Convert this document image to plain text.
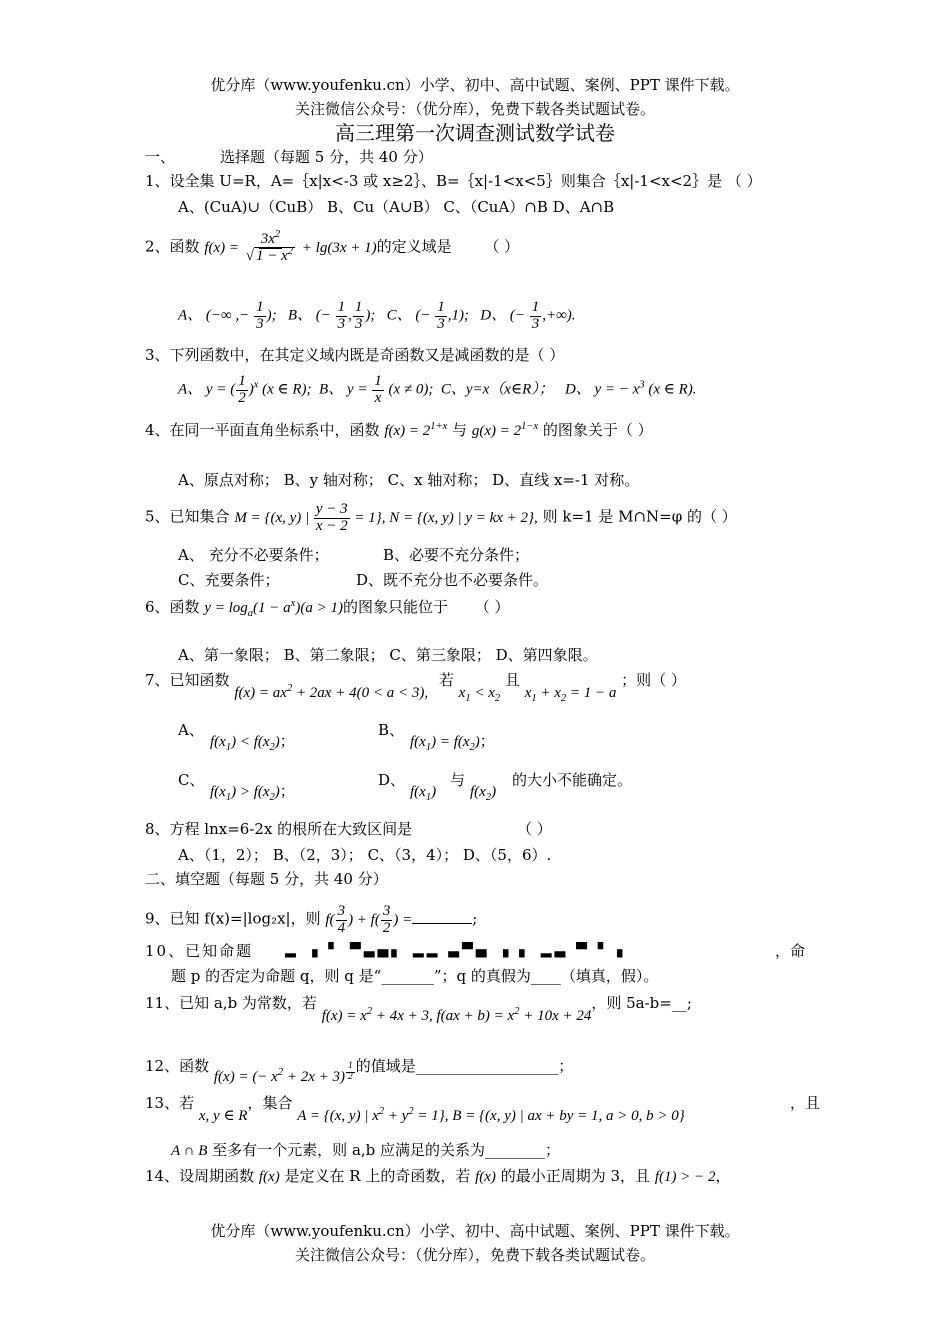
优分库（www.youfenku.cn）小学、初中、高中试题、案例、PPT 课件下载。
关注微信公众号：（优分库），免费下载各类试题试卷。
高三理第一次调查测试数学试卷
一、	选择题（每题 5 分，共 40 分）
1、设全集 U=R，A=｛x|x<-3 或 x≥2｝、B=｛x|-1<x<5｝则集合｛x|-1<x<2｝是 （ ）
A、(CuA)∪（CuB） B、Cu（A∪B） C、（CuA）∩B D、A∩B
2、函数 $f(x) = \frac{3x^2}{√ 1 - x^2} + \lg(3x + 1)$的定义域是 （ ）
A、 (−∞ ,− $\frac{1}{3}$ );   B、 (− $\frac{1}{3}$ , $\frac{1}{3}$ );   C、 (− $\frac{1}{3} ,1$);   D、 (− $\frac{1}{3}$ ,+∞).
3、下列函数中，在其定义域内既是奇函数又是减函数的是（ ）
A、 y = ( $\frac{1}{2} )^x$ (x ∈ R);  B、 $y = \frac{1}{x} (x \ne 0)$;  C、y=x（x∈R）；   D、 y = − $x^3$ (x ∈ R).
4、在同一平面直角坐标系中，函数 $f(x) = 2^{1+x}$ 与 $g(x) = 2^{1-x}$ 的图象关于（ ）
A、原点对称； B、y 轴对称； C、x 轴对称； D、直线 x=-1 对称。
5、已知集合 M = {(x, y) | $\frac{y - 3}{x - 2} = 1$}, N = {(x, y) | y = kx + 2}, 则 k=1 是 M∩N=φ 的（ ）
A、 充分不必要条件；	B、必要不充分条件；
C、充要条件；	D、既不充分也不必要条件。
6、函数 $y = \log_a(1 - a^x)(a > 1)$的图象只能位于 （ ）
A、第一象限； B、第二象限； C、第三象限； D、第四象限。
7、已知函数 $f(x) = ax^2 + 2ax + 4(0 < a < 3)$, 若 $x_1 < x_2$ 且 $x_1 + x_2 = 1 - a$ ；则（ ）
A、
$f(x_1) < f(x_2)$；
B、
$f(x_1) = f(x_2)$；
C、
$f(x_1) > f(x_2)$；
D、
$f(x_1)$
与
$f(x_2)$
的大小不能确定。
8、方程 lnx=6-2x 的根所在大致区间是	（ ）
A、（1，2）； B、（2，3）； C、（3，4）； D、（5，6）.
二、填空题（每题 5 分，共 40 分）
9、已知 f(x)=|log₂x|，则 $f( \frac{3}{4}$ ) + $f( \frac{3}{2}$ ) =	;
10、已知命题 ▂ ▗ ▘ ▀▃▄▖ ▂▂ ▃▀▄ ▗ ▖ ▂▃ ▀ ▘▗	，命
题 p 的否定为命题 q，则 q 是“_______”；q 的真假为____（填真，假）。
11、已知 a,b 为常数，若 $f(x) = x^2 + 4x + 3$, $f(ax + b) = x^2 + 10x + 24$，则 5a-b=__;
12、函数 f(x) = (− $x^2 + 2x + 3$) $^{\frac{1}{2}}$ 的值域是___________________；
13、若 x, y ∈ R，集合 A = {(x, y) | $x^2 + y^2 = 1$}, B = {(x, y) | ax + by = 1, a > 0, b > 0}
，且
A ∩ B 至多有一个元素，则 a,b 应满足的关系为________；
14、设周期函数 f(x) 是定义在 R 上的奇函数，若 f(x) 的最小正周期为 3，且 f(1) > − 2，
优分库（www.youfenku.cn）小学、初中、高中试题、案例、PPT 课件下载。
关注微信公众号：（优分库），免费下载各类试题试卷。
